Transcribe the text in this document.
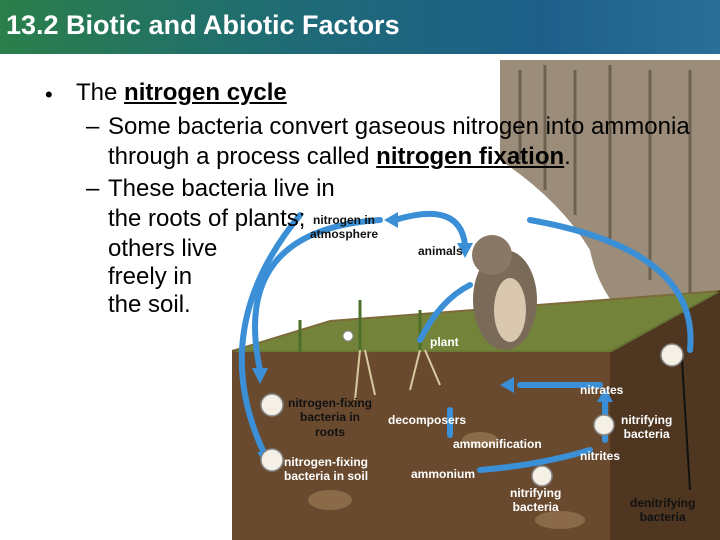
13.2 Biotic and Abiotic Factors
• The nitrogen cycle
– Some bacteria convert gaseous nitrogen into ammonia
through a process called nitrogen fixation.
– These bacteria live in
the roots of plants;
others live
freely in
the soil.
nitrogen in
atmosphere
animals
plant
nitrates
nitrogen-fixing
bacteria in
roots
decomposers	nitrifying
bacteria
ammonification
nitrites
nitrogen-fixing
bacteria in soil	ammonium
nitrifying
bacteria	denitrifying
bacteria
